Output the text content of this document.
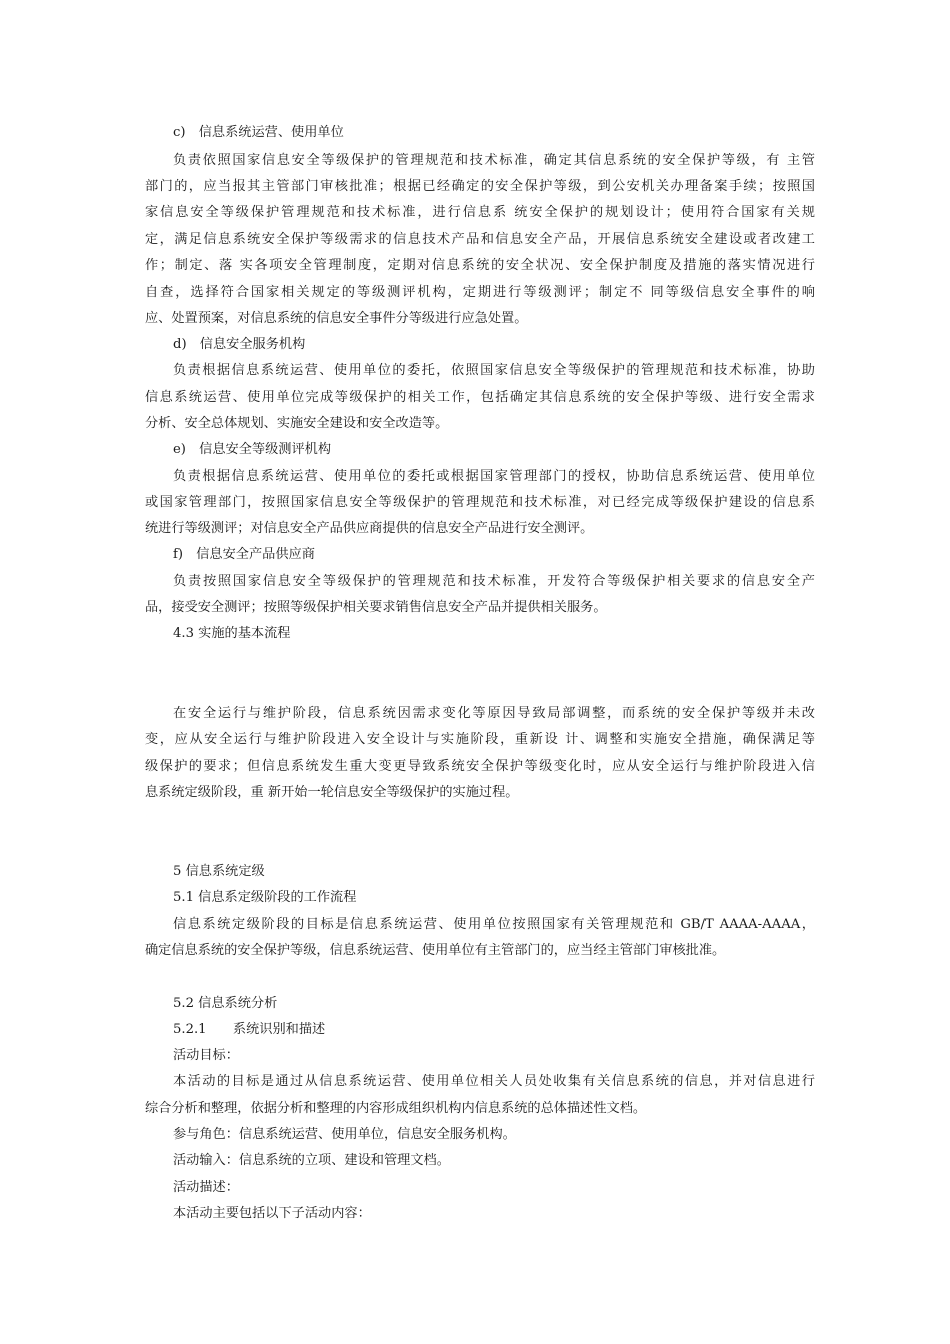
c)　信息系统运营、使用单位
负责依照国家信息安全等级保护的管理规范和技术标准，确定其信息系统的安全保护等级，有 主管
部门的，应当报其主管部门审核批准；根据已经确定的安全保护等级，到公安机关办理备案手续；按照国
家信息安全等级保护管理规范和技术标准，进行信息系 统安全保护的规划设计；使用符合国家有关规
定，满足信息系统安全保护等级需求的信息技术产品和信息安全产品，开展信息系统安全建设或者改建工
作；制定、落 实各项安全管理制度，定期对信息系统的安全状况、安全保护制度及措施的落实情况进行
自查，选择符合国家相关规定的等级测评机构，定期进行等级测评；制定不 同等级信息安全事件的响
应、处置预案，对信息系统的信息安全事件分等级进行应急处置。
d)　信息安全服务机构
负责根据信息系统运营、使用单位的委托，依照国家信息安全等级保护的管理规范和技术标准，协助
信息系统运营、使用单位完成等级保护的相关工作，包括确定其信息系统的安全保护等级、进行安全需求
分析、安全总体规划、实施安全建设和安全改造等。
e)　信息安全等级测评机构
负责根据信息系统运营、使用单位的委托或根据国家管理部门的授权，协助信息系统运营、使用单位
或国家管理部门，按照国家信息安全等级保护的管理规范和技术标准，对已经完成等级保护建设的信息系
统进行等级测评；对信息安全产品供应商提供的信息安全产品进行安全测评。
f)　信息安全产品供应商
负责按照国家信息安全等级保护的管理规范和技术标准，开发符合等级保护相关要求的信息安全产
品，接受安全测评；按照等级保护相关要求销售信息安全产品并提供相关服务。
4.3 实施的基本流程
在安全运行与维护阶段，信息系统因需求变化等原因导致局部调整，而系统的安全保护等级并未改
变，应从安全运行与维护阶段进入安全设计与实施阶段，重新设 计、调整和实施安全措施，确保满足等
级保护的要求；但信息系统发生重大变更导致系统安全保护等级变化时，应从安全运行与维护阶段进入信
息系统定级阶段，重 新开始一轮信息安全等级保护的实施过程。
5 信息系统定级
5.1 信息系定级阶段的工作流程
信息系统定级阶段的目标是信息系统运营、使用单位按照国家有关管理规范和 GB/T AAAA-AAAA，
确定信息系统的安全保护等级，信息系统运营、使用单位有主管部门的，应当经主管部门审核批准。
5.2 信息系统分析
5.2.1　　系统识别和描述
活动目标：
本活动的目标是通过从信息系统运营、使用单位相关人员处收集有关信息系统的信息，并对信息进行
综合分析和整理，依据分析和整理的内容形成组织机构内信息系统的总体描述性文档。
参与角色：信息系统运营、使用单位，信息安全服务机构。
活动输入：信息系统的立项、建设和管理文档。
活动描述：
本活动主要包括以下子活动内容：
